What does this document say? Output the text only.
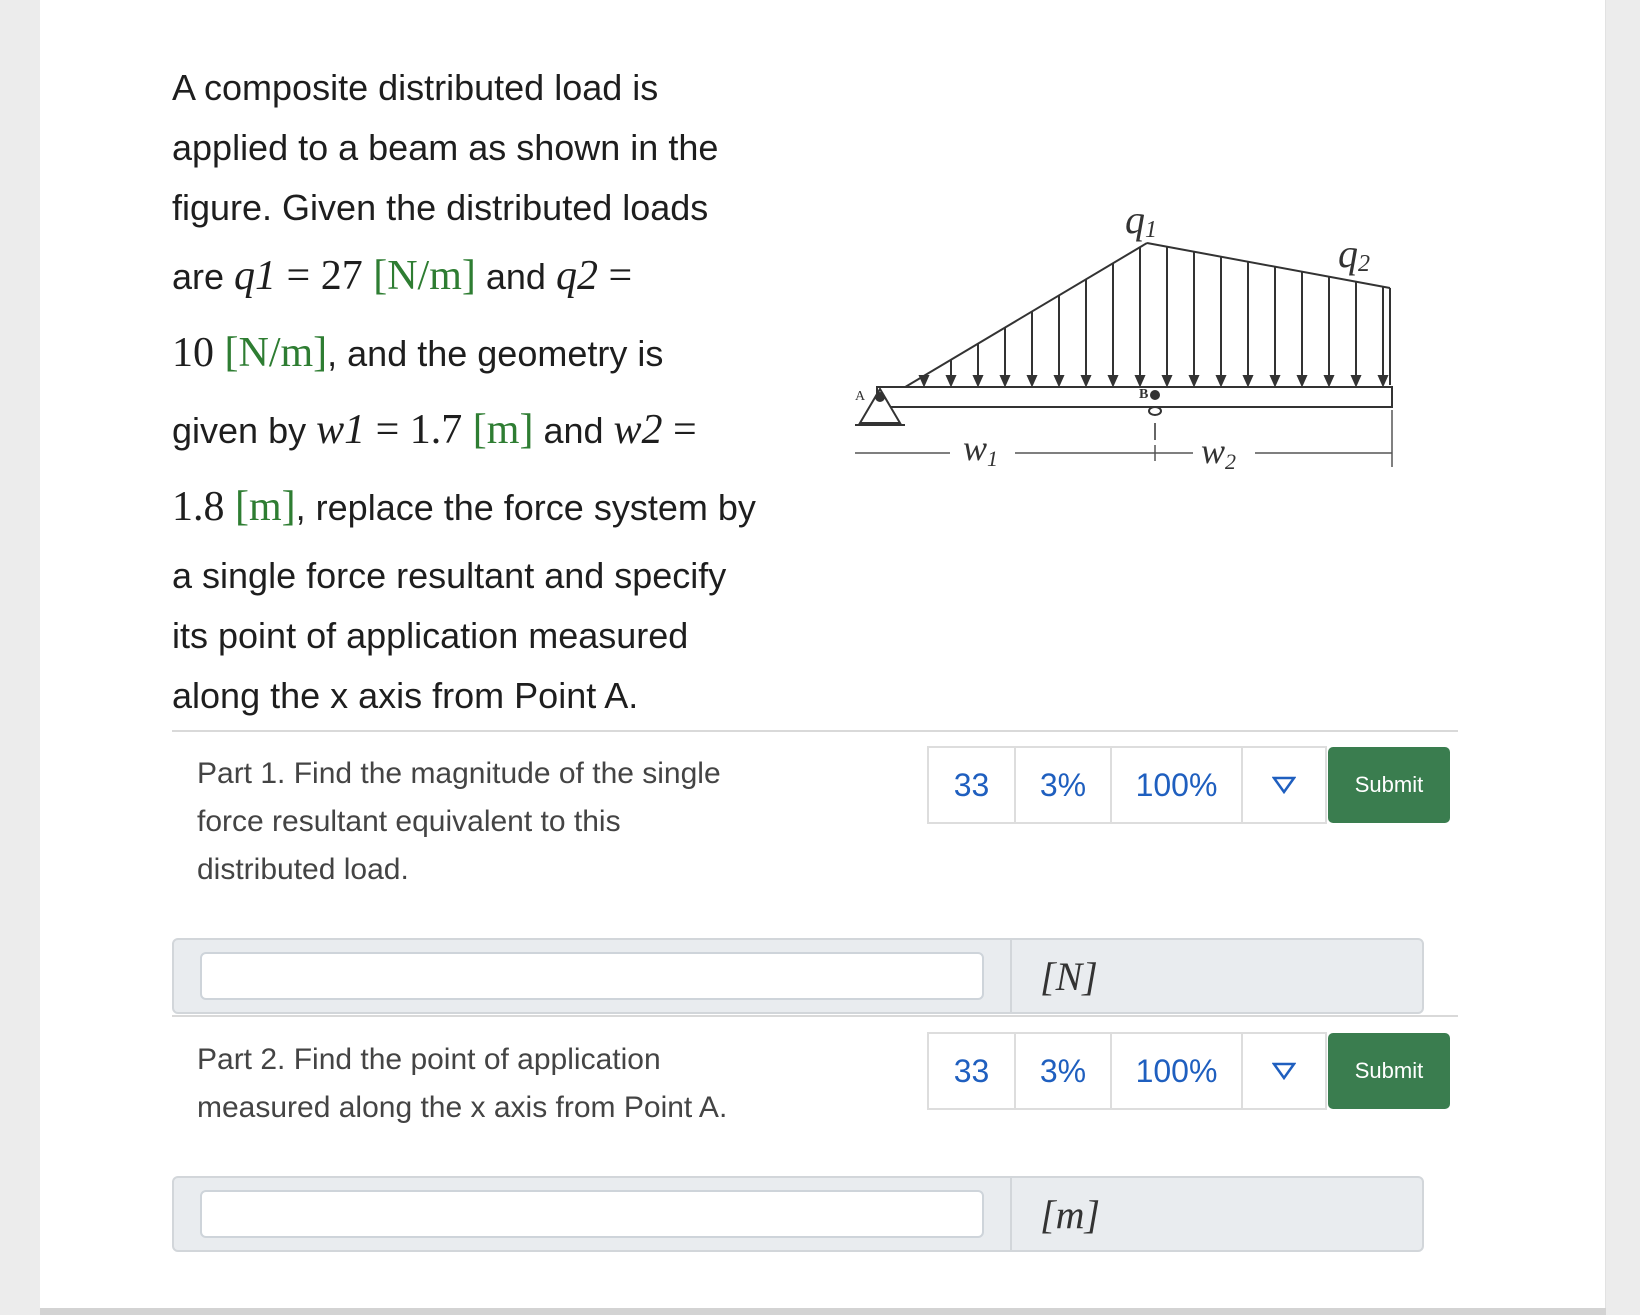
A composite distributed load is
applied to a beam as shown in the
figure. Given the distributed loads
are q1 = 27 [N/m] and q2 =
10 [N/m], and the geometry is
given by w1 = 1.7 [m] and w2 =
1.8 [m], replace the force system by
a single force resultant and specify
its point of application measured
along the x axis from Point A.
A	B
q1
q2
w1	w2
Part 1. Find the magnitude of the single
force resultant equivalent to this
distributed load.
33	3%	100%	Submit
[N]
Part 2. Find the point of application
measured along the x axis from Point A.
33	3%	100%	Submit
[m]
